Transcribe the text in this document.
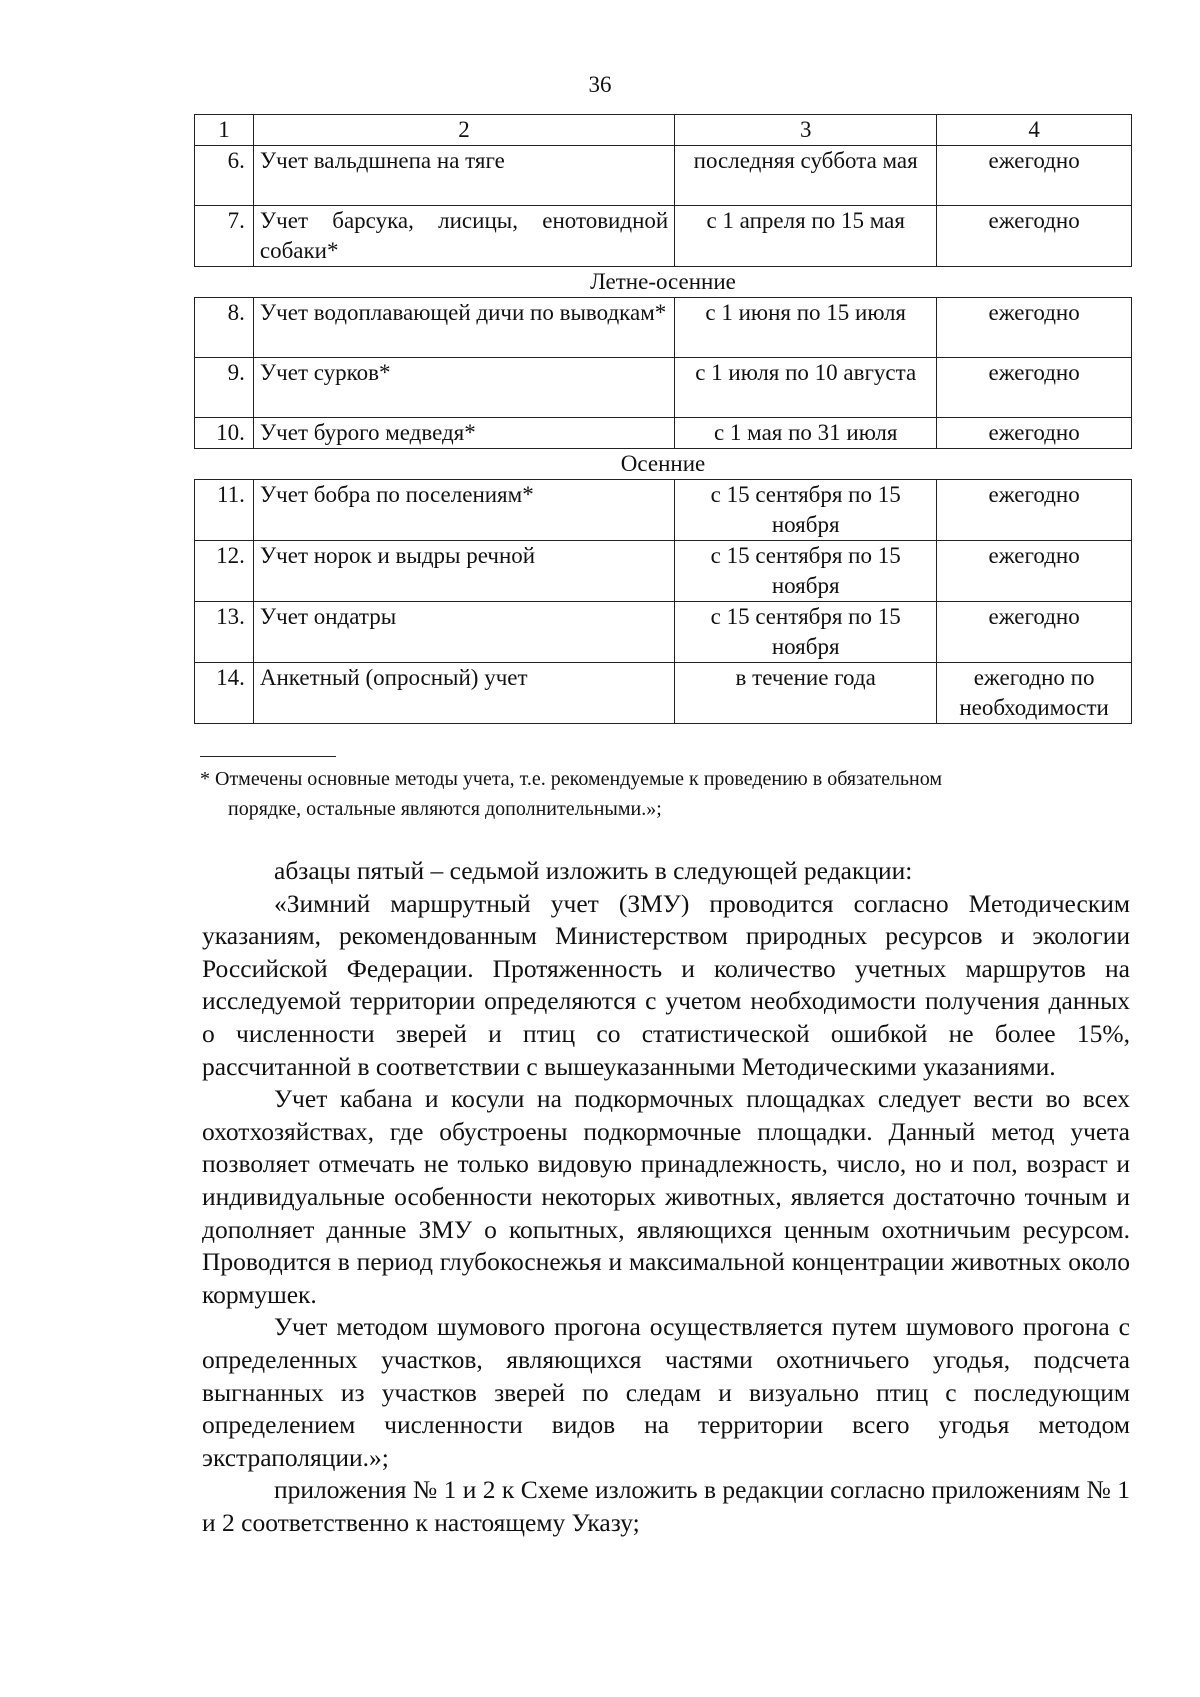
36
1	2	3	4
6.	Учет вальдшнепа на тяге	последняя суббота мая	ежегодно
7.	Учет барсука, лисицы, енотовидной собаки*	с 1 апреля по 15 мая	ежегодно
Летне-осенние			
8.	Учет водоплавающей дичи по выводкам*	с 1 июня по 15 июля	ежегодно
9.	Учет сурков*	с 1 июля по 10 августа	ежегодно
10.	Учет бурого медведя*	с 1 мая по 31 июля	ежегодно
Осенние			
11.	Учет бобра по поселениям*	с 15 сентября по 15 ноября	ежегодно
12.	Учет норок и выдры речной	с 15 сентября по 15 ноября	ежегодно
13.	Учет ондатры	с 15 сентября по 15 ноября	ежегодно
14.	Анкетный (опросный) учет	в течение года	ежегодно по необходимости
* Отмечены основные методы учета, т.е. рекомендуемые к проведению в обязательном
порядке, остальные являются дополнительными.»;

абзацы пятый – седьмой изложить в следующей редакции:

«Зимний маршрутный учет (ЗМУ) проводится согласно Методическим указаниям, рекомендованным Министерством природных ресурсов и экологии Российской Федерации. Протяженность и количество учетных маршрутов на исследуемой территории определяются с учетом необходимости получения данных о численности зверей и птиц со статистической ошибкой не более 15%, рассчитанной в соответствии с вышеуказанными Методическими указаниями.

Учет кабана и косули на подкормочных площадках следует вести во всех охотхозяйствах, где обустроены подкормочные площадки. Данный метод учета позволяет отмечать не только видовую принадлежность, число, но и пол, возраст и индивидуальные особенности некоторых животных, является достаточно точным и дополняет данные ЗМУ о копытных, являющихся ценным охотничьим ресурсом. Проводится в период глубокоснежья и максимальной концентрации животных около кормушек.

Учет методом шумового прогона осуществляется путем шумового прогона с определенных участков, являющихся частями охотничьего угодья, подсчета выгнанных из участков зверей по следам и визуально птиц с последующим определением численности видов на территории всего угодья методом экстраполяции.»;

приложения № 1 и 2 к Схеме изложить в редакции согласно приложениям № 1 и 2 соответственно к настоящему Указу;
